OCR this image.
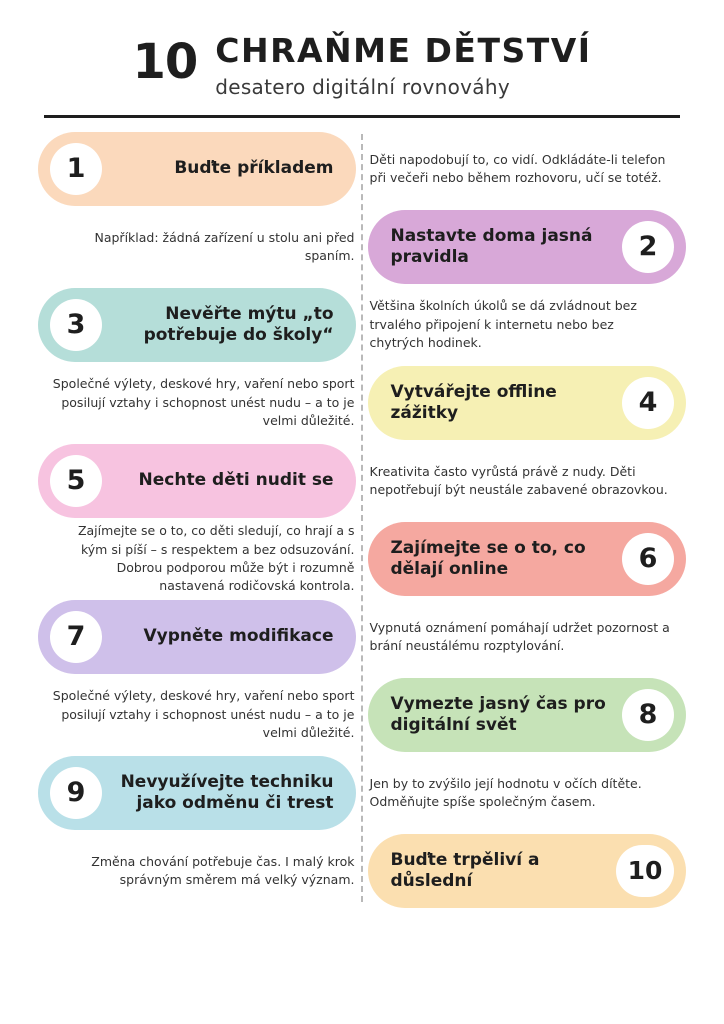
10 CHRAŇME DĚTSTVÍ
desatero digitální rovnováhy
1	Buďte příkladem	Děti napodobují to, co vidí. Odkládáte-li telefon při večeři nebo během rozhovoru, učí se totéž.
2
Nastavte doma jasná pravidla
Například: žádná zařízení u stolu ani před spaním.
3	Nevěřte mýtu „to potřebuje do školy“
Většina školních úkolů se dá zvládnout bez trvalého připojení k internetu nebo bez chytrých hodinek.
4
Vytvářejte offline zážitky
Společné výlety, deskové hry, vaření nebo sport posilují vztahy i schopnost unést nudu – a to je velmi důležité.
5	Nechte děti nudit se	Kreativita často vyrůstá právě z nudy. Děti nepotřebují být neustále zabavené obrazovkou.
6
Zajímejte se o to, co dělají online
Zajímejte se o to, co děti sledují, co hrají a s kým si píší – s respektem a bez odsuzování. Dobrou podporou může být i rozumně nastavená rodičovská kontrola.
7	Vypněte modifikace	Vypnutá oznámení pomáhají udržet pozornost a brání neustálému rozptylování.
8
Vymezte jasný čas pro digitální svět
Společné výlety, deskové hry, vaření nebo sport posilují vztahy i schopnost unést nudu – a to je velmi důležité.
9	Nevyužívejte techniku jako odměnu či trest
Jen by to zvýšilo její hodnotu v očích dítěte. Odměňujte spíše společným časem.
10
Buďte trpěliví a důslední
Změna chování potřebuje čas. I malý krok správným směrem má velký význam.
